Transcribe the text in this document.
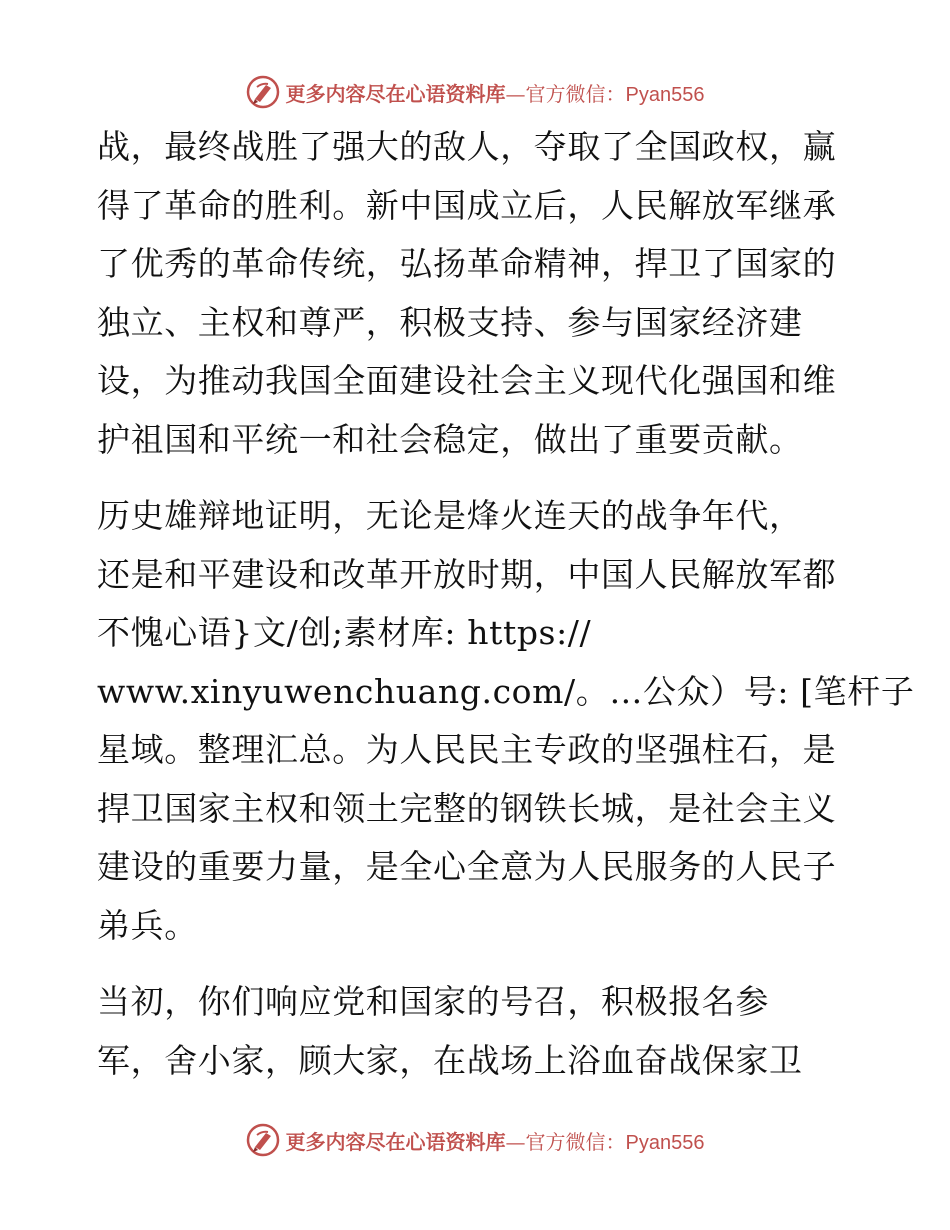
更多内容尽在心语资料库—官方微信：Pyan556
战，最终战胜了强大的敌人，夺取了全国政权，赢
得了革命的胜利。新中国成立后，人民解放军继承
了优秀的革命传统，弘扬革命精神，捍卫了国家的
独立、主权和尊严，积极支持、参与国家经济建
设，为推动我国全面建设社会主义现代化强国和维
护祖国和平统一和社会稳定，做出了重要贡献。
历史雄辩地证明，无论是烽火连天的战争年代，
还是和平建设和改革开放时期，中国人民解放军都
不愧心语}文/创;素材库: https://
www.xinyuwenchuang.com/。…公众）号: [笔杆子
星域。整理汇总。为人民民主专政的坚强柱石，是
捍卫国家主权和领土完整的钢铁长城，是社会主义
建设的重要力量，是全心全意为人民服务的人民子
弟兵。
当初，你们响应党和国家的号召，积极报名参
军，舍小家，顾大家，在战场上浴血奋战保家卫
更多内容尽在心语资料库—官方微信：Pyan556
